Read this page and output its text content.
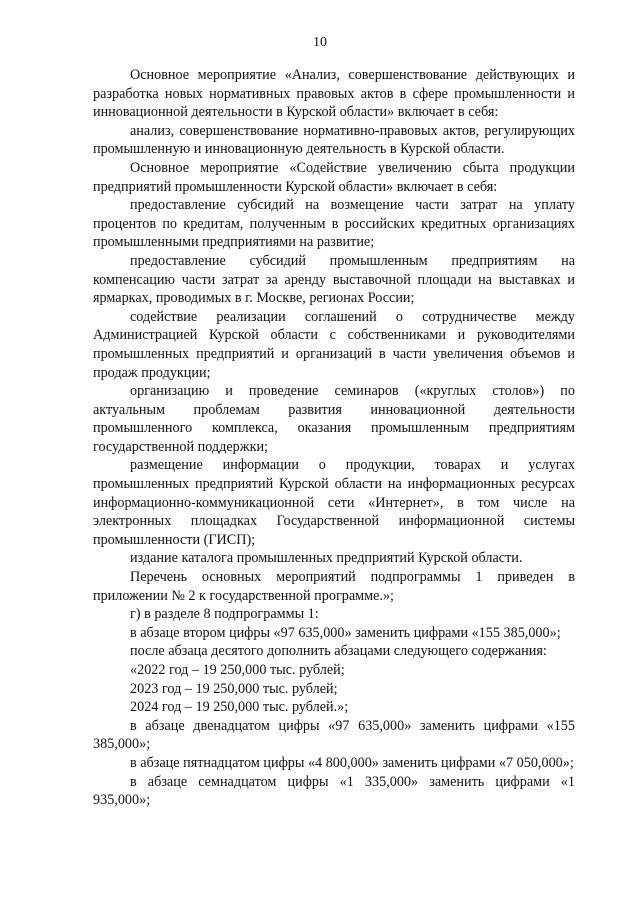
10

Основное мероприятие «Анализ, совершенствование действующих и разработка новых нормативных правовых актов в сфере промышленности и инновационной деятельности в Курской области» включает в себя:

анализ, совершенствование нормативно-правовых актов, регулирующих промышленную и инновационную деятельность в Курской области.

Основное мероприятие «Содействие увеличению сбыта продукции предприятий промышленности Курской области» включает в себя:

предоставление субсидий на возмещение части затрат на уплату процентов по кредитам, полученным в российских кредитных организациях промышленными предприятиями на развитие;

предоставление субсидий промышленным предприятиям на компенсацию части затрат за аренду выставочной площади на выставках и ярмарках, проводимых в г. Москве, регионах России;

содействие реализации соглашений о сотрудничестве между Администрацией Курской области с собственниками и руководителями промышленных предприятий и организаций в части увеличения объемов и продаж продукции;

организацию и проведение семинаров («круглых столов») по актуальным проблемам развития инновационной деятельности промышленного комплекса, оказания промышленным предприятиям государственной поддержки;

размещение информации о продукции, товарах и услугах промышленных предприятий Курской области на информационных ресурсах информационно-коммуникационной сети «Интернет», в том числе на электронных площадках Государственной информационной системы промышленности (ГИСП);

издание каталога промышленных предприятий Курской области.

Перечень основных мероприятий подпрограммы 1 приведен в приложении № 2 к государственной программе.»;

г) в разделе 8 подпрограммы 1:

в абзаце втором цифры «97 635,000» заменить цифрами «155 385,000»;

после абзаца десятого дополнить абзацами следующего содержания:

«2022 год – 19 250,000 тыс. рублей;

2023 год – 19 250,000 тыс. рублей;

2024 год – 19 250,000 тыс. рублей.»;

в абзаце двенадцатом цифры «97 635,000» заменить цифрами «155 385,000»;

в абзаце пятнадцатом цифры «4 800,000» заменить цифрами «7 050,000»;

в абзаце семнадцатом цифры «1 335,000» заменить цифрами «1 935,000»;
